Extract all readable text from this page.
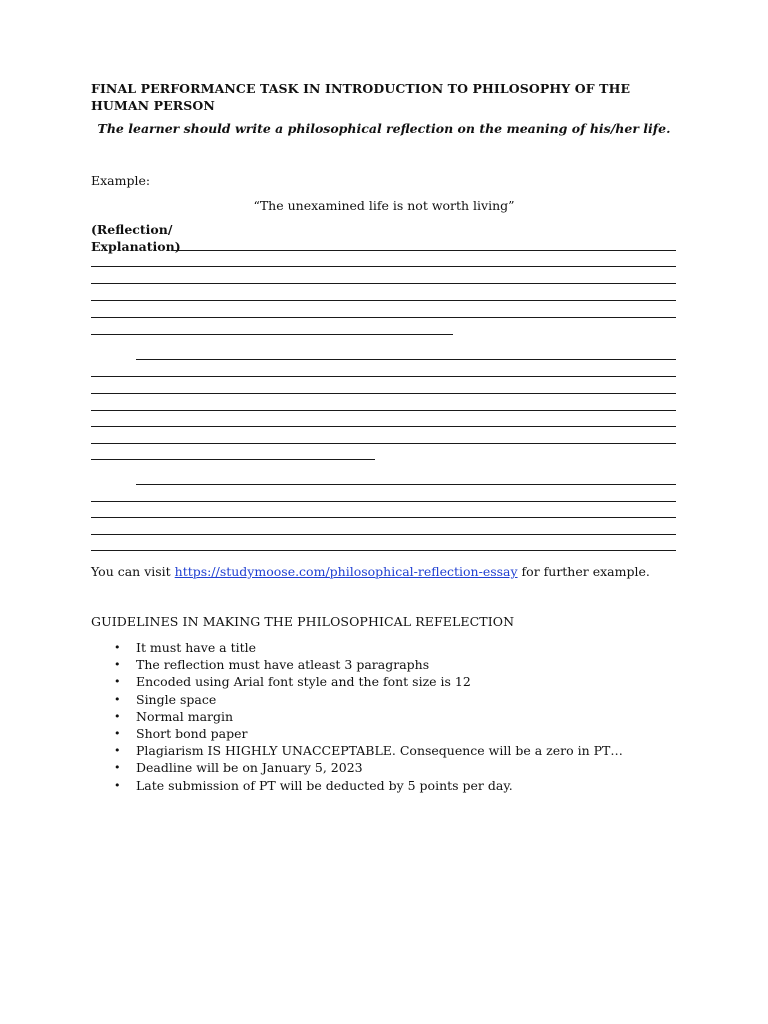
FINAL PERFORMANCE TASK IN INTRODUCTION TO PHILOSOPHY OF THE HUMAN PERSON
The learner should write a philosophical reflection on the meaning of his/her life.
Example:
“The unexamined life is not worth living”
(Reflection/
Explanation)
You can visit https://studymoose.com/philosophical-reflection-essay for further example.
GUIDELINES IN MAKING THE PHILOSOPHICAL REFELECTION
• It must have a title
• The reflection must have atleast 3 paragraphs
• Encoded using Arial font style and the font size is 12
• Single space
• Normal margin
• Short bond paper
• Plagiarism IS HIGHLY UNACCEPTABLE. Consequence will be a zero in PT…
• Deadline will be on January 5, 2023
• Late submission of PT will be deducted by 5 points per day.
